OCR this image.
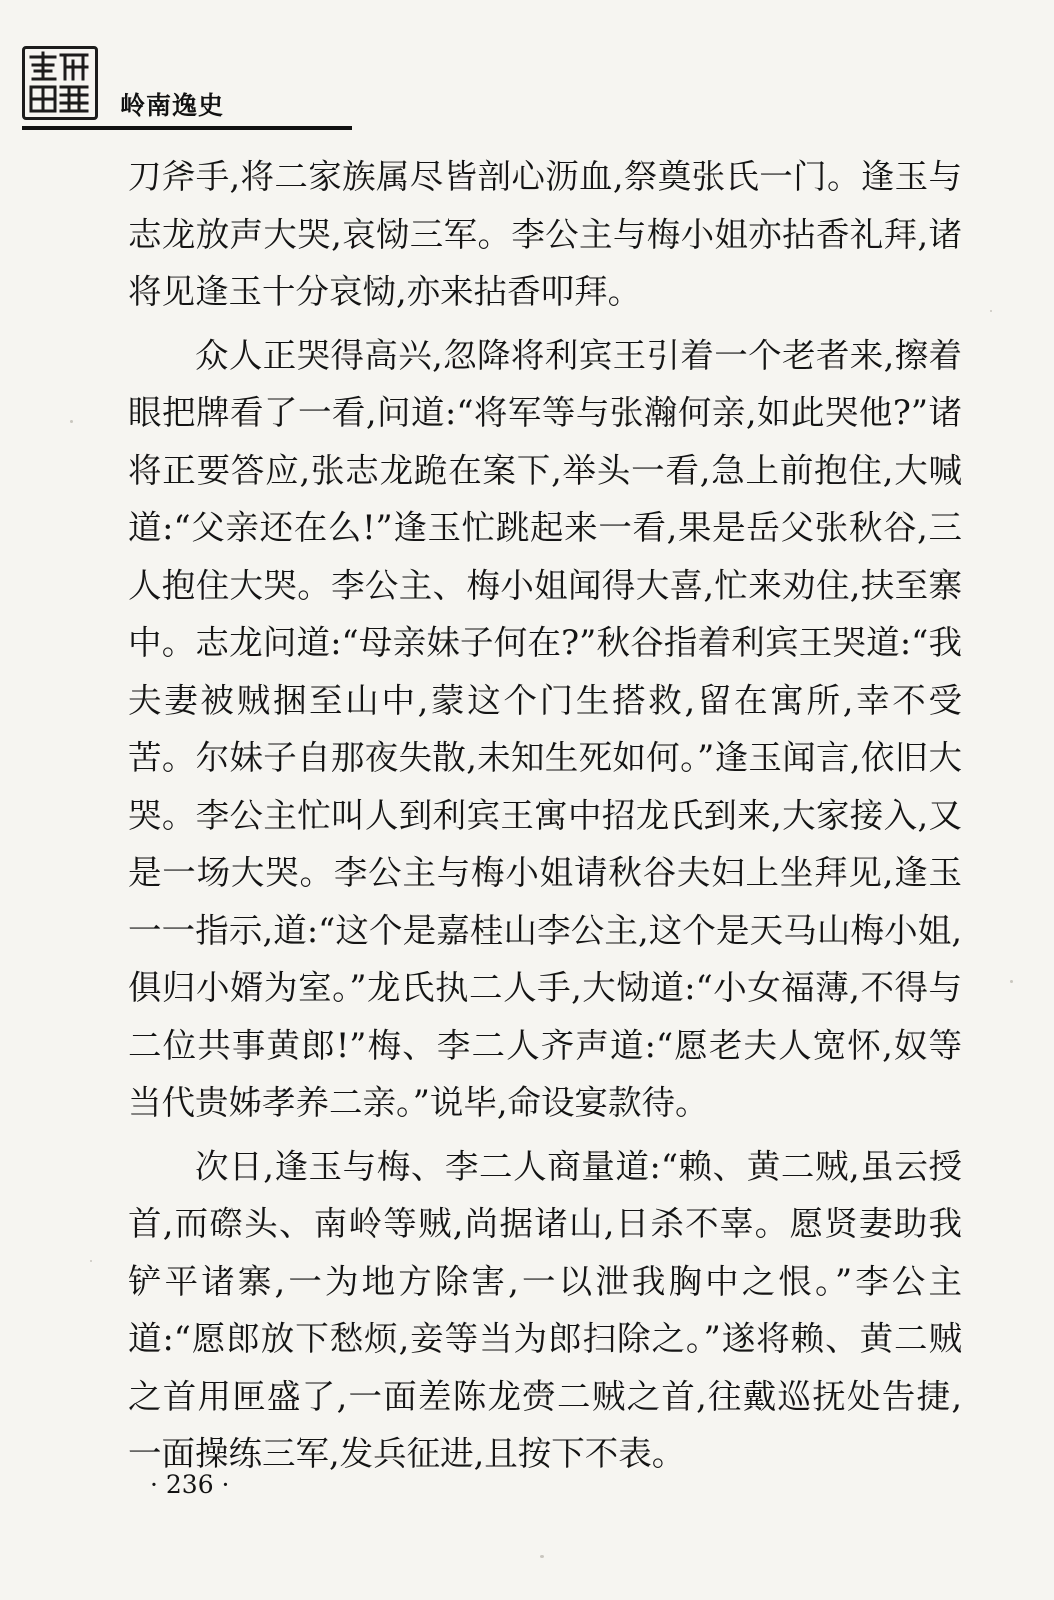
岭南逸史

刀斧手,将二家族属尽皆剖心沥血,祭奠张氏一门。逢玉与志龙放声大哭,哀恸三军。李公主与梅小姐亦拈香礼拜,诸将见逢玉十分哀恸,亦来拈香叩拜。

众人正哭得高兴,忽降将利宾王引着一个老者来,擦着眼把牌看了一看,问道:“将军等与张瀚何亲,如此哭他?”诸将正要答应,张志龙跪在案下,举头一看,急上前抱住,大喊道:“父亲还在么!”逢玉忙跳起来一看,果是岳父张秋谷,三人抱住大哭。李公主、梅小姐闻得大喜,忙来劝住,扶至寨中。志龙问道:“母亲妹子何在?”秋谷指着利宾王哭道:“我夫妻被贼捆至山中,蒙这个门生搭救,留在寓所,幸不受苦。尔妹子自那夜失散,未知生死如何。”逢玉闻言,依旧大哭。李公主忙叫人到利宾王寓中招龙氏到来,大家接入,又是一场大哭。李公主与梅小姐请秋谷夫妇上坐拜见,逢玉一一指示,道:“这个是嘉桂山李公主,这个是天马山梅小姐,俱归小婿为室。”龙氏执二人手,大恸道:“小女福薄,不得与二位共事黄郎!”梅、李二人齐声道:“愿老夫人宽怀,奴等当代贵姊孝养二亲。”说毕,命设宴款待。

次日,逢玉与梅、李二人商量道:“赖、黄二贼,虽云授首,而磜头、南岭等贼,尚据诸山,日杀不辜。愿贤妻助我铲平诸寨,一为地方除害,一以泄我胸中之恨。”李公主道:“愿郎放下愁烦,妾等当为郎扫除之。”遂将赖、黄二贼之首用匣盛了,一面差陈龙赍二贼之首,往戴巡抚处告捷,一面操练三军,发兵征进,且按下不表。

· 236 ·
